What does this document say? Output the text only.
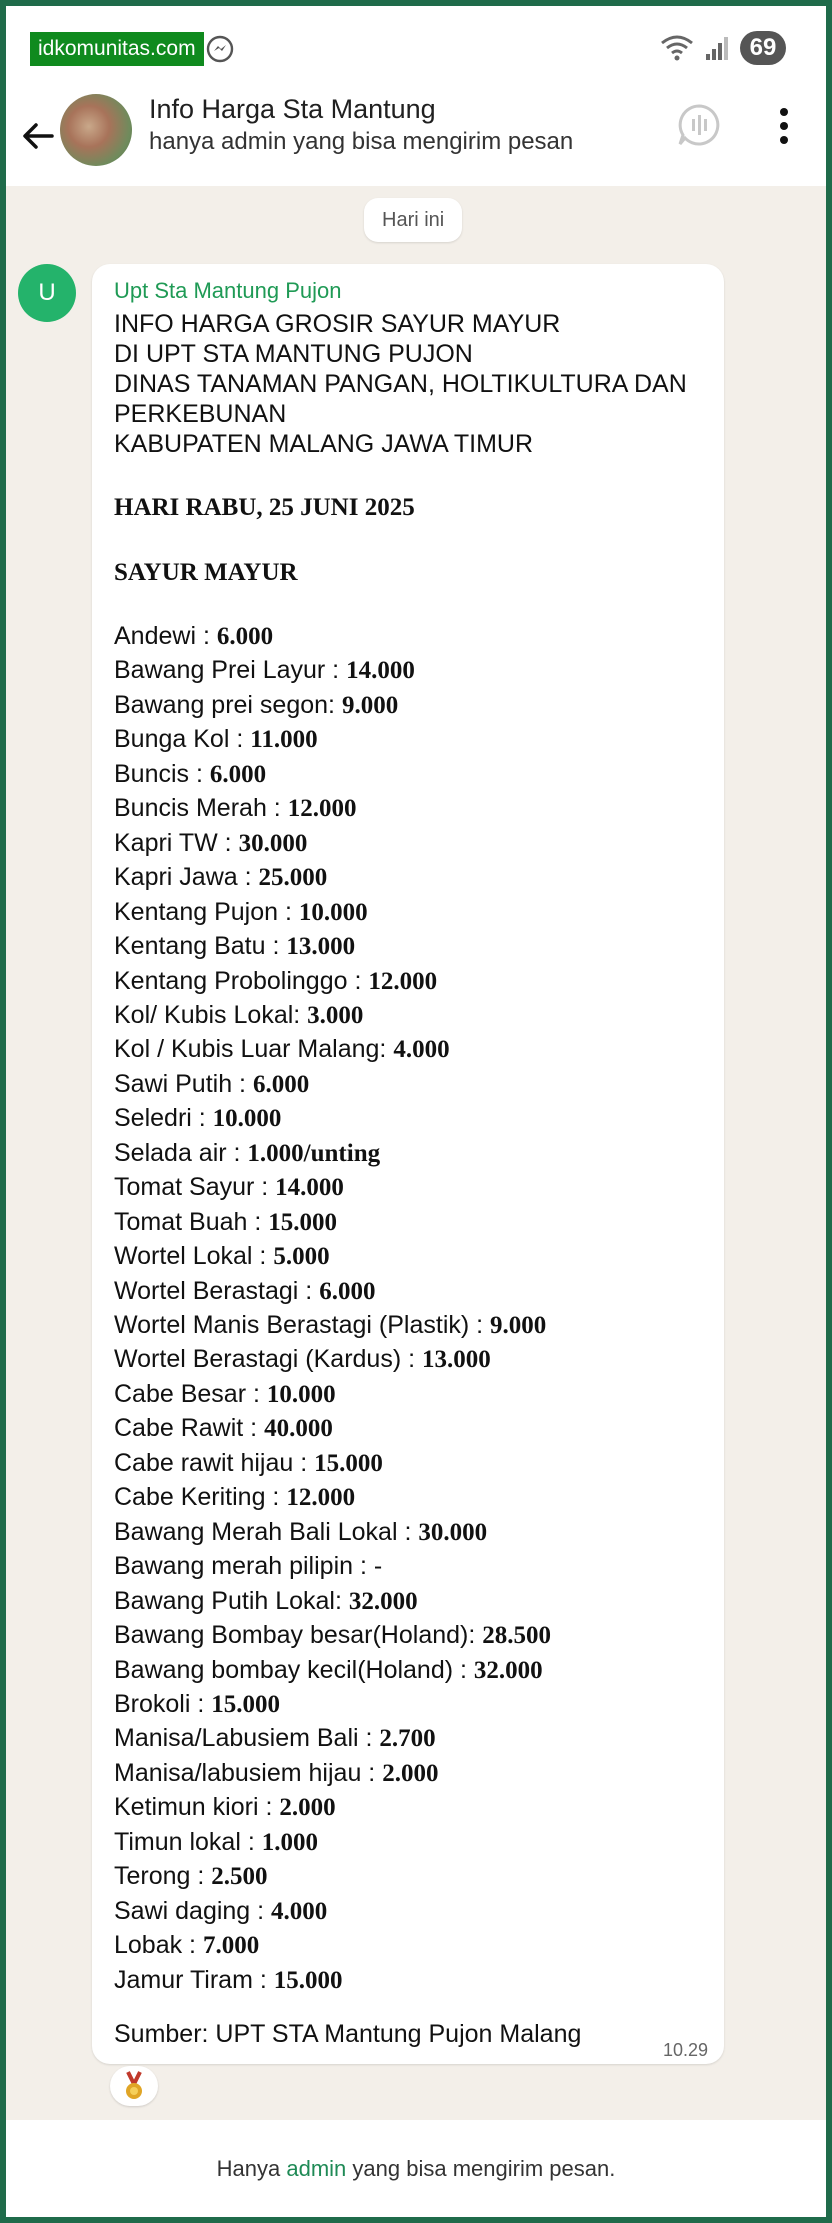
idkomunitas.com	69
Info Harga Sta Mantung
hanya admin yang bisa mengirim pesan
Hari ini
U	Upt Sta Mantung Pujon
INFO HARGA GROSIR SAYUR MAYUR
DI UPT STA MANTUNG PUJON
DINAS TANAMAN PANGAN, HOLTIKULTURA DAN
PERKEBUNAN
KABUPATEN MALANG JAWA TIMUR
HARI RABU, 25 JUNI 2025
SAYUR MAYUR
Andewi : 6.000
Bawang Prei Layur : 14.000
Bawang prei segon: 9.000
Bunga Kol : 11.000
Buncis : 6.000
Buncis Merah : 12.000
Kapri TW : 30.000
Kapri Jawa : 25.000
Kentang Pujon : 10.000
Kentang Batu : 13.000
Kentang Probolinggo : 12.000
Kol/ Kubis Lokal: 3.000
Kol / Kubis Luar Malang: 4.000
Sawi Putih : 6.000
Seledri : 10.000
Selada air : 1.000/unting
Tomat Sayur : 14.000
Tomat Buah : 15.000
Wortel Lokal : 5.000
Wortel Berastagi : 6.000
Wortel Manis Berastagi (Plastik) : 9.000
Wortel Berastagi (Kardus) : 13.000
Cabe Besar : 10.000
Cabe Rawit : 40.000
Cabe rawit hijau : 15.000
Cabe Keriting : 12.000
Bawang Merah Bali Lokal : 30.000
Bawang merah pilipin : -
Bawang Putih Lokal: 32.000
Bawang Bombay besar(Holand): 28.500
Bawang bombay kecil(Holand) : 32.000
Brokoli : 15.000
Manisa/Labusiem Bali : 2.700
Manisa/labusiem hijau : 2.000
Ketimun kiori : 2.000
Timun lokal : 1.000
Terong : 2.500
Sawi daging : 4.000
Lobak : 7.000
Jamur Tiram : 15.000
Sumber: UPT STA Mantung Pujon Malang
10.29
Hanya admin yang bisa mengirim pesan.
